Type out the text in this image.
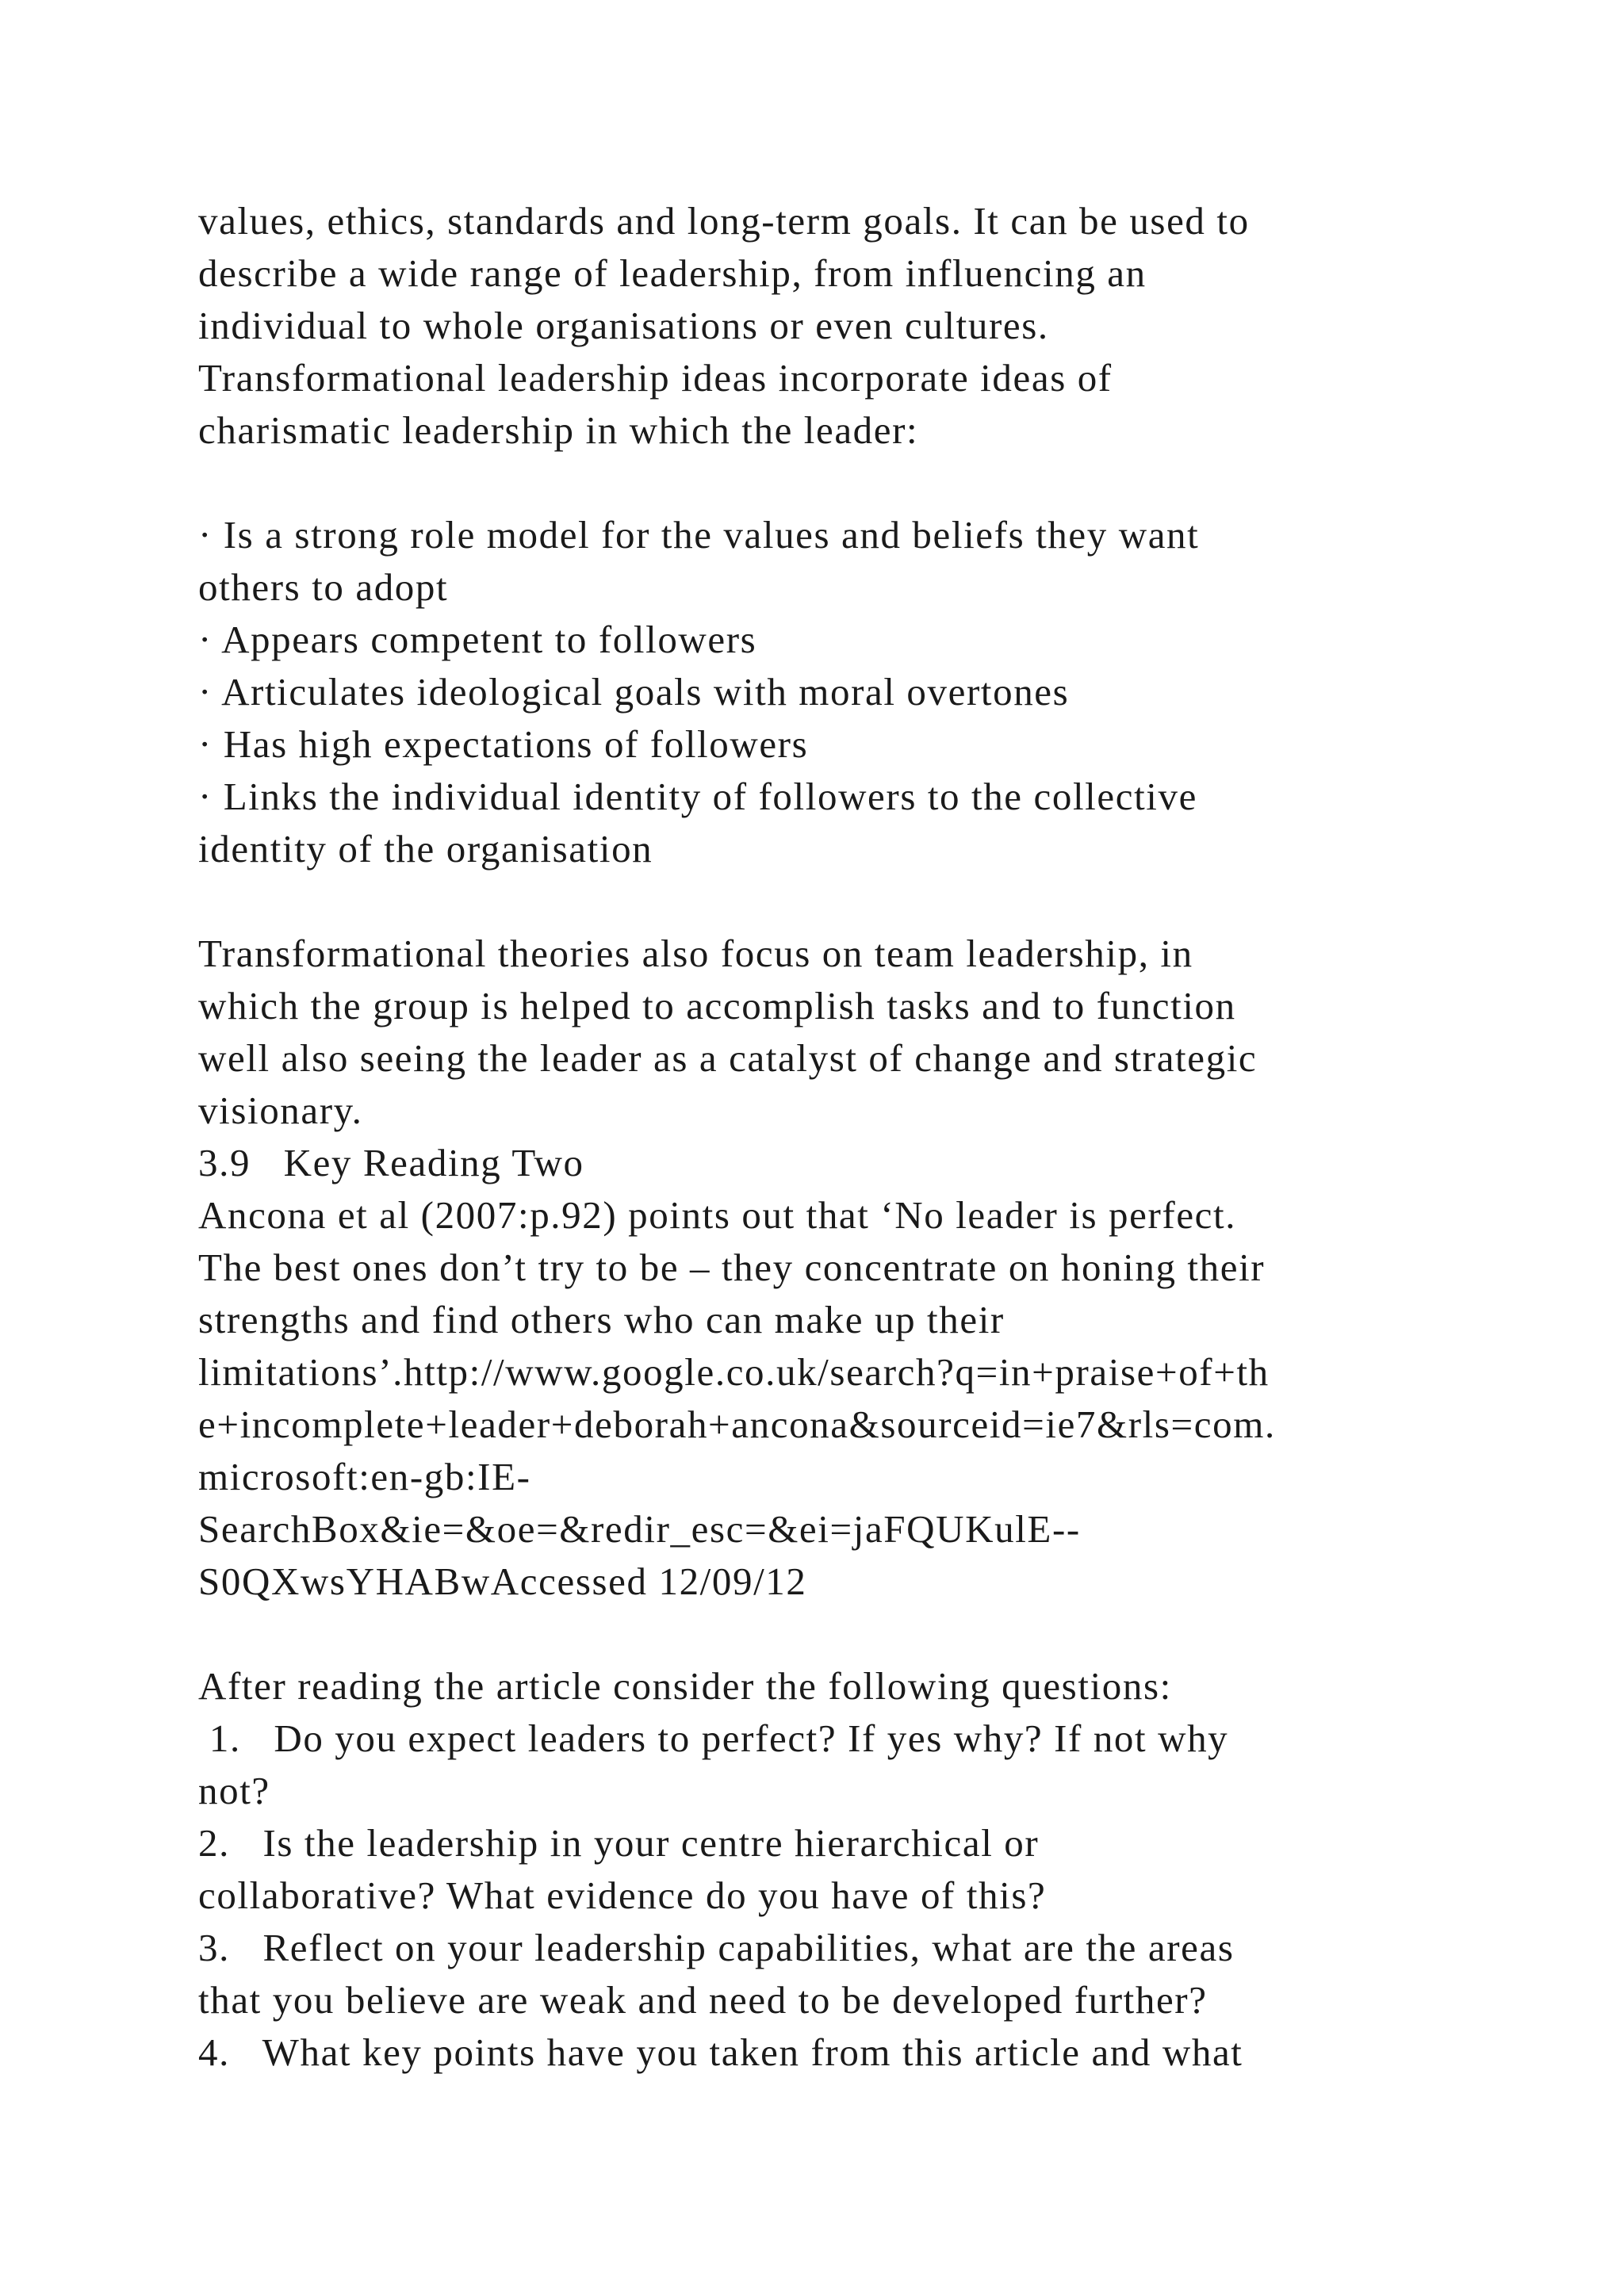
values, ethics, standards and long-term goals. It can be used to
describe a wide range of leadership, from influencing an
individual to whole organisations or even cultures.
Transformational leadership ideas incorporate ideas of
charismatic leadership in which the leader:
· Is a strong role model for the values and beliefs they want
others to adopt
· Appears competent to followers
· Articulates ideological goals with moral overtones
· Has high expectations of followers
· Links the individual identity of followers to the collective
identity of the organisation
Transformational theories also focus on team leadership, in
which the group is helped to accomplish tasks and to function
well also seeing the leader as a catalyst of change and strategic
visionary.
3.9   Key Reading Two
Ancona et al (2007:p.92) points out that ‘No leader is perfect.
The best ones don’t try to be – they concentrate on honing their
strengths and find others who can make up their
limitations’.http://www.google.co.uk/search?q=in+praise+of+th
e+incomplete+leader+deborah+ancona&sourceid=ie7&rls=com.
microsoft:en-gb:IE-
SearchBox&ie=&oe=&redir_esc=&ei=jaFQUKulE--
S0QXwsYHABwAccessed 12/09/12
After reading the article consider the following questions:
1.   Do you expect leaders to perfect? If yes why? If not why
not?
2.   Is the leadership in your centre hierarchical or
collaborative? What evidence do you have of this?
3.   Reflect on your leadership capabilities, what are the areas
that you believe are weak and need to be developed further?
4.   What key points have you taken from this article and what
